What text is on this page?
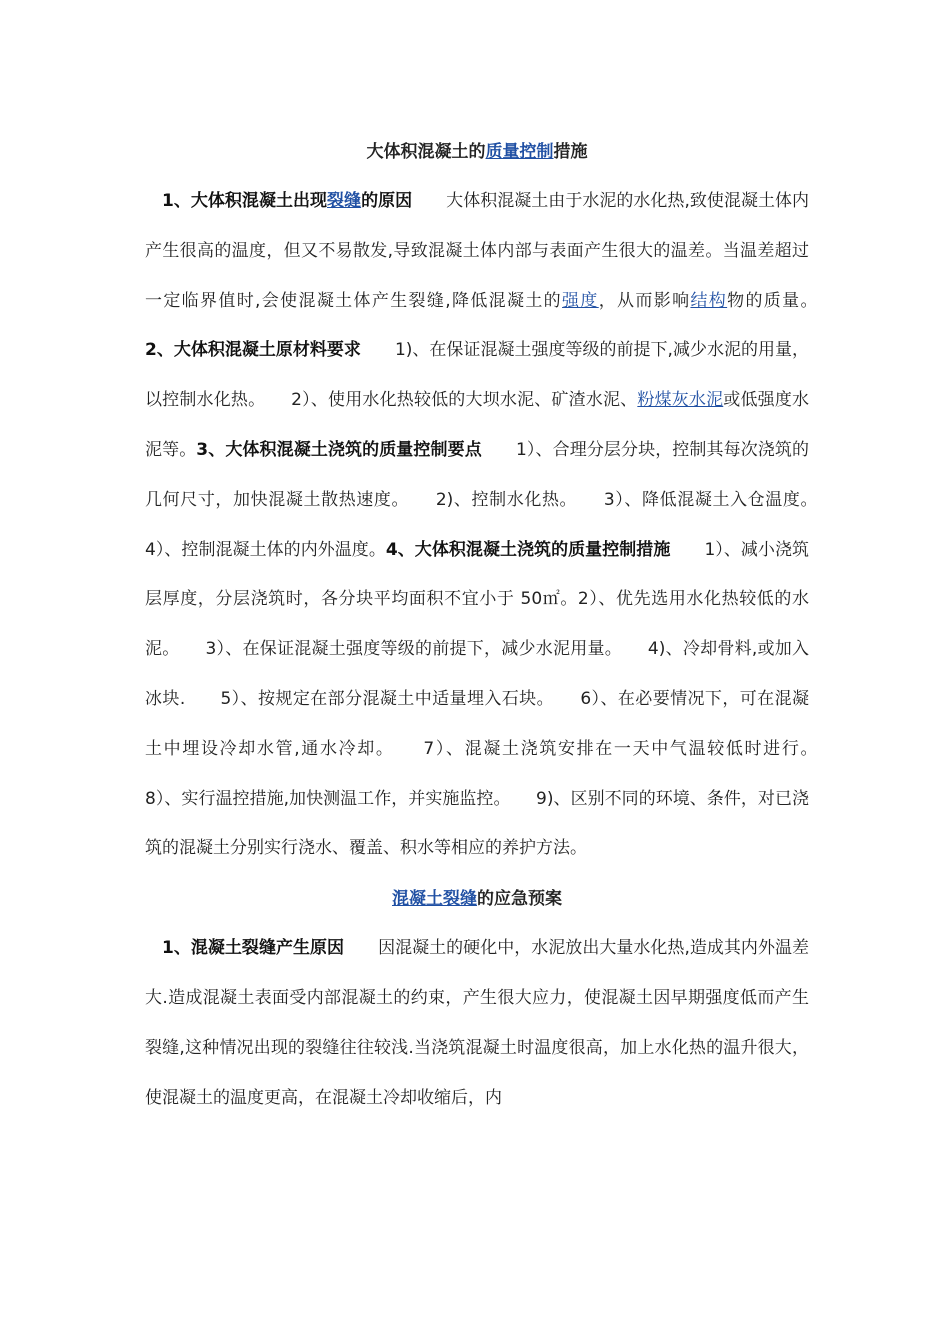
大体积混凝土的质量控制措施

1、大体积混凝土出现裂缝的原因　　大体积混凝土由于水泥的水化热,致使混凝土体内产生很高的温度，但又不易散发,导致混凝土体内部与表面产生很大的温差。当温差超过一定临界值时,会使混凝土体产生裂缝,降低混凝土的强度，从而影响结构物的质量。　　2、大体积混凝土原材料要求　　1)、在保证混凝土强度等级的前提下,减少水泥的用量，以控制水化热。　　2）、使用水化热较低的大坝水泥、矿渣水泥、粉煤灰水泥或低强度水泥等。3、大体积混凝土浇筑的质量控制要点　　1）、合理分层分块，控制其每次浇筑的几何尺寸，加快混凝土散热速度。　　2)、控制水化热。　　3）、降低混凝土入仓温度。　　4）、控制混凝土体的内外温度。4、大体积混凝土浇筑的质量控制措施　　1）、减小浇筑层厚度，分层浇筑时，各分块平均面积不宜小于 50㎡。2）、优先选用水化热较低的水泥。　　3）、在保证混凝土强度等级的前提下，减少水泥用量。　　4)、冷却骨料,或加入冰块.　　5）、按规定在部分混凝土中适量埋入石块。　　6）、在必要情况下，可在混凝土中埋设冷却水管,通水冷却。　　7）、混凝土浇筑安排在一天中气温较低时进行。　　8）、实行温控措施,加快测温工作，并实施监控。　　9)、区别不同的环境、条件，对已浇筑的混凝土分别实行浇水、覆盖、积水等相应的养护方法。

混凝土裂缝的应急预案

1、混凝土裂缝产生原因　　因混凝土的硬化中，水泥放出大量水化热,造成其内外温差大.造成混凝土表面受内部混凝土的约束，产生很大应力，使混凝土因早期强度低而产生裂缝,这种情况出现的裂缝往往较浅.当浇筑混凝土时温度很高，加上水化热的温升很大，使混凝土的温度更高，在混凝土冷却收缩后，内
